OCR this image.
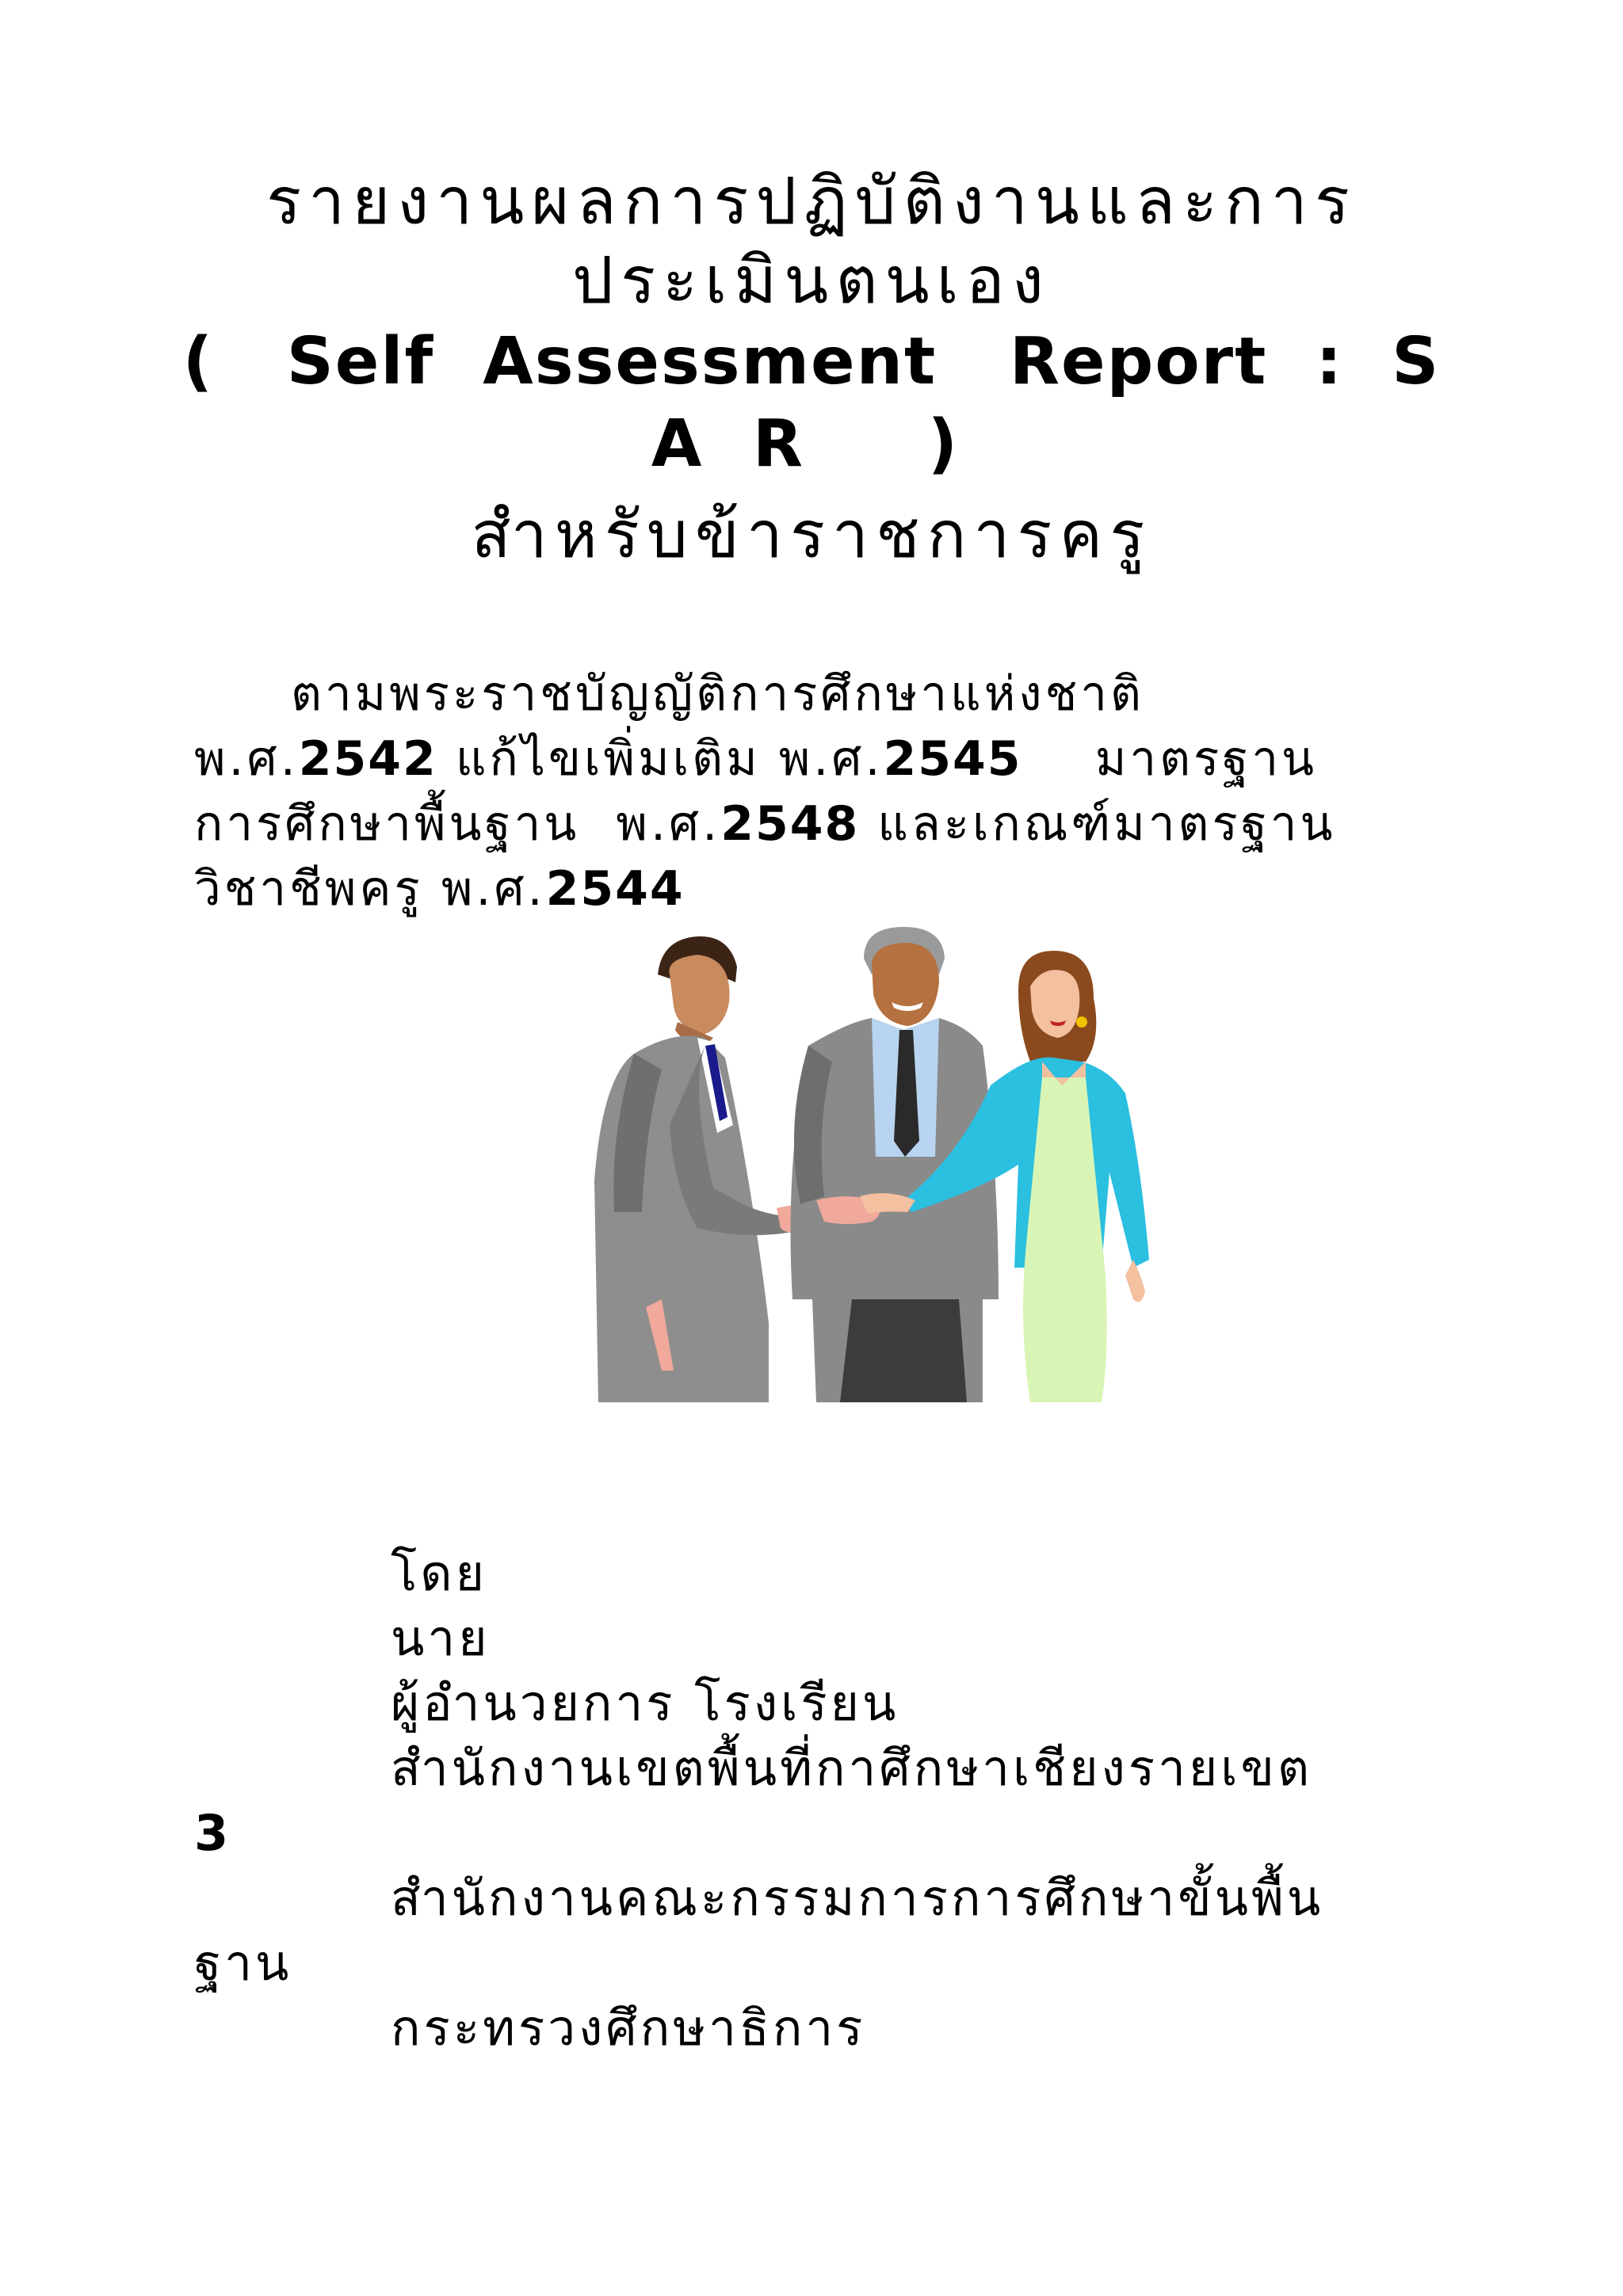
รายงานผลการปฏิบัติงานและการ
ประเมินตนเอง
(   Self  Assessment   Report  :  S
A R   )
สำหรับข้าราชการครู
ตามพระราชบัญญัติการศึกษาแห่งชาติ
พ.ศ.2542 แก้ไขเพิ่มเติม พ.ศ.2545    มาตรฐาน
การศึกษาพื้นฐาน  พ.ศ.2548 และเกณฑ์มาตรฐาน
วิชาชีพครู พ.ศ.2544
โดย
นาย
ผู้อำนวยการ โรงเรียน
สำนักงานเขตพื้นที่กาศึกษาเชียงรายเขต
3
สำนักงานคณะกรรมการการศึกษาขั้นพื้น
ฐาน
กระทรวงศึกษาธิการ
